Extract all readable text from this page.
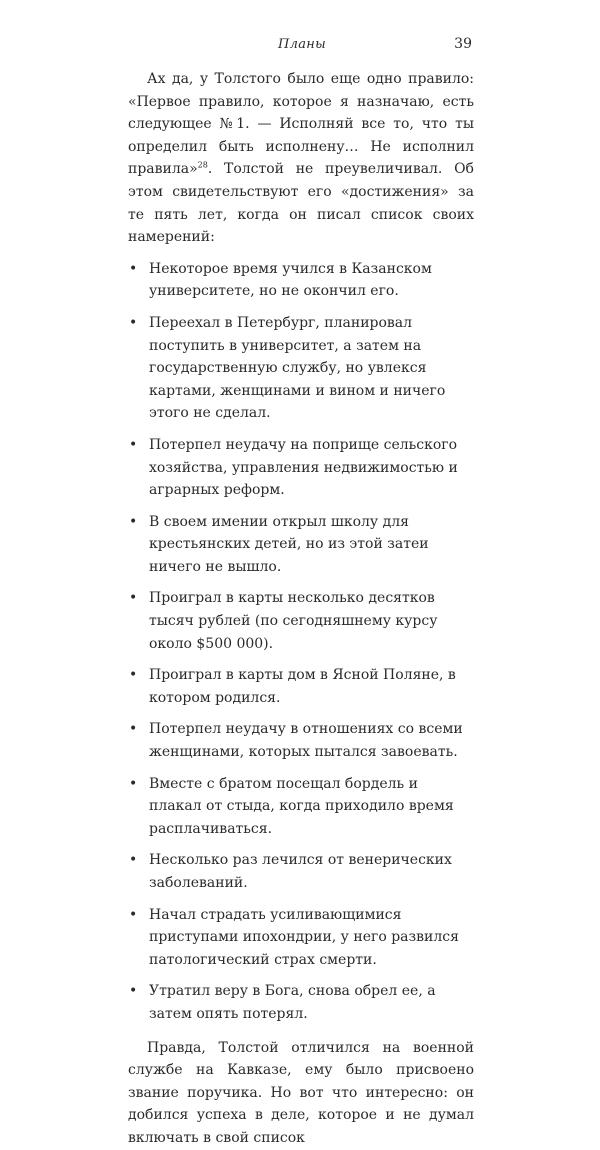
Планы	39

Ах да, у Толстого было еще одно правило: «Первое правило, которое я назначаю, есть следующее №1. — Исполняй все то, что ты определил быть исполнену… Не исполнил правила»$^{28}$. Толстой не преувеличивал. Об этом свидетельствуют его «достижения» за те пять лет, когда он писал список своих намерений:

• Некоторое время учился в Казанском университете, но не окончил его.
• Переехал в Петербург, планировал поступить в университет, а затем на государственную службу, но увлекся картами, женщинами и вином и ничего этого не сделал.
• Потерпел неудачу на поприще сельского хозяйства, управления недвижимостью и аграрных реформ.
• В своем имении открыл школу для крестьянских детей, но из этой затеи ничего не вышло.
• Проиграл в карты несколько десятков тысяч рублей (по сегодняшнему курсу около $500 000).
• Проиграл в карты дом в Ясной Поляне, в котором родился.
• Потерпел неудачу в отношениях со всеми женщинами, которых пытался завоевать.
• Вместе с братом посещал бордель и плакал от стыда, когда приходило время расплачиваться.
• Несколько раз лечился от венерических заболеваний.
• Начал страдать усиливающимися приступами ипохондрии, у него развился патологический страх смерти.
• Утратил веру в Бога, снова обрел ее, а затем опять потерял.

Правда, Толстой отличился на военной службе на Кавказе, ему было присвоено звание поручика. Но вот что интересно: он добился успеха в деле, которое и не думал включать в свой список
